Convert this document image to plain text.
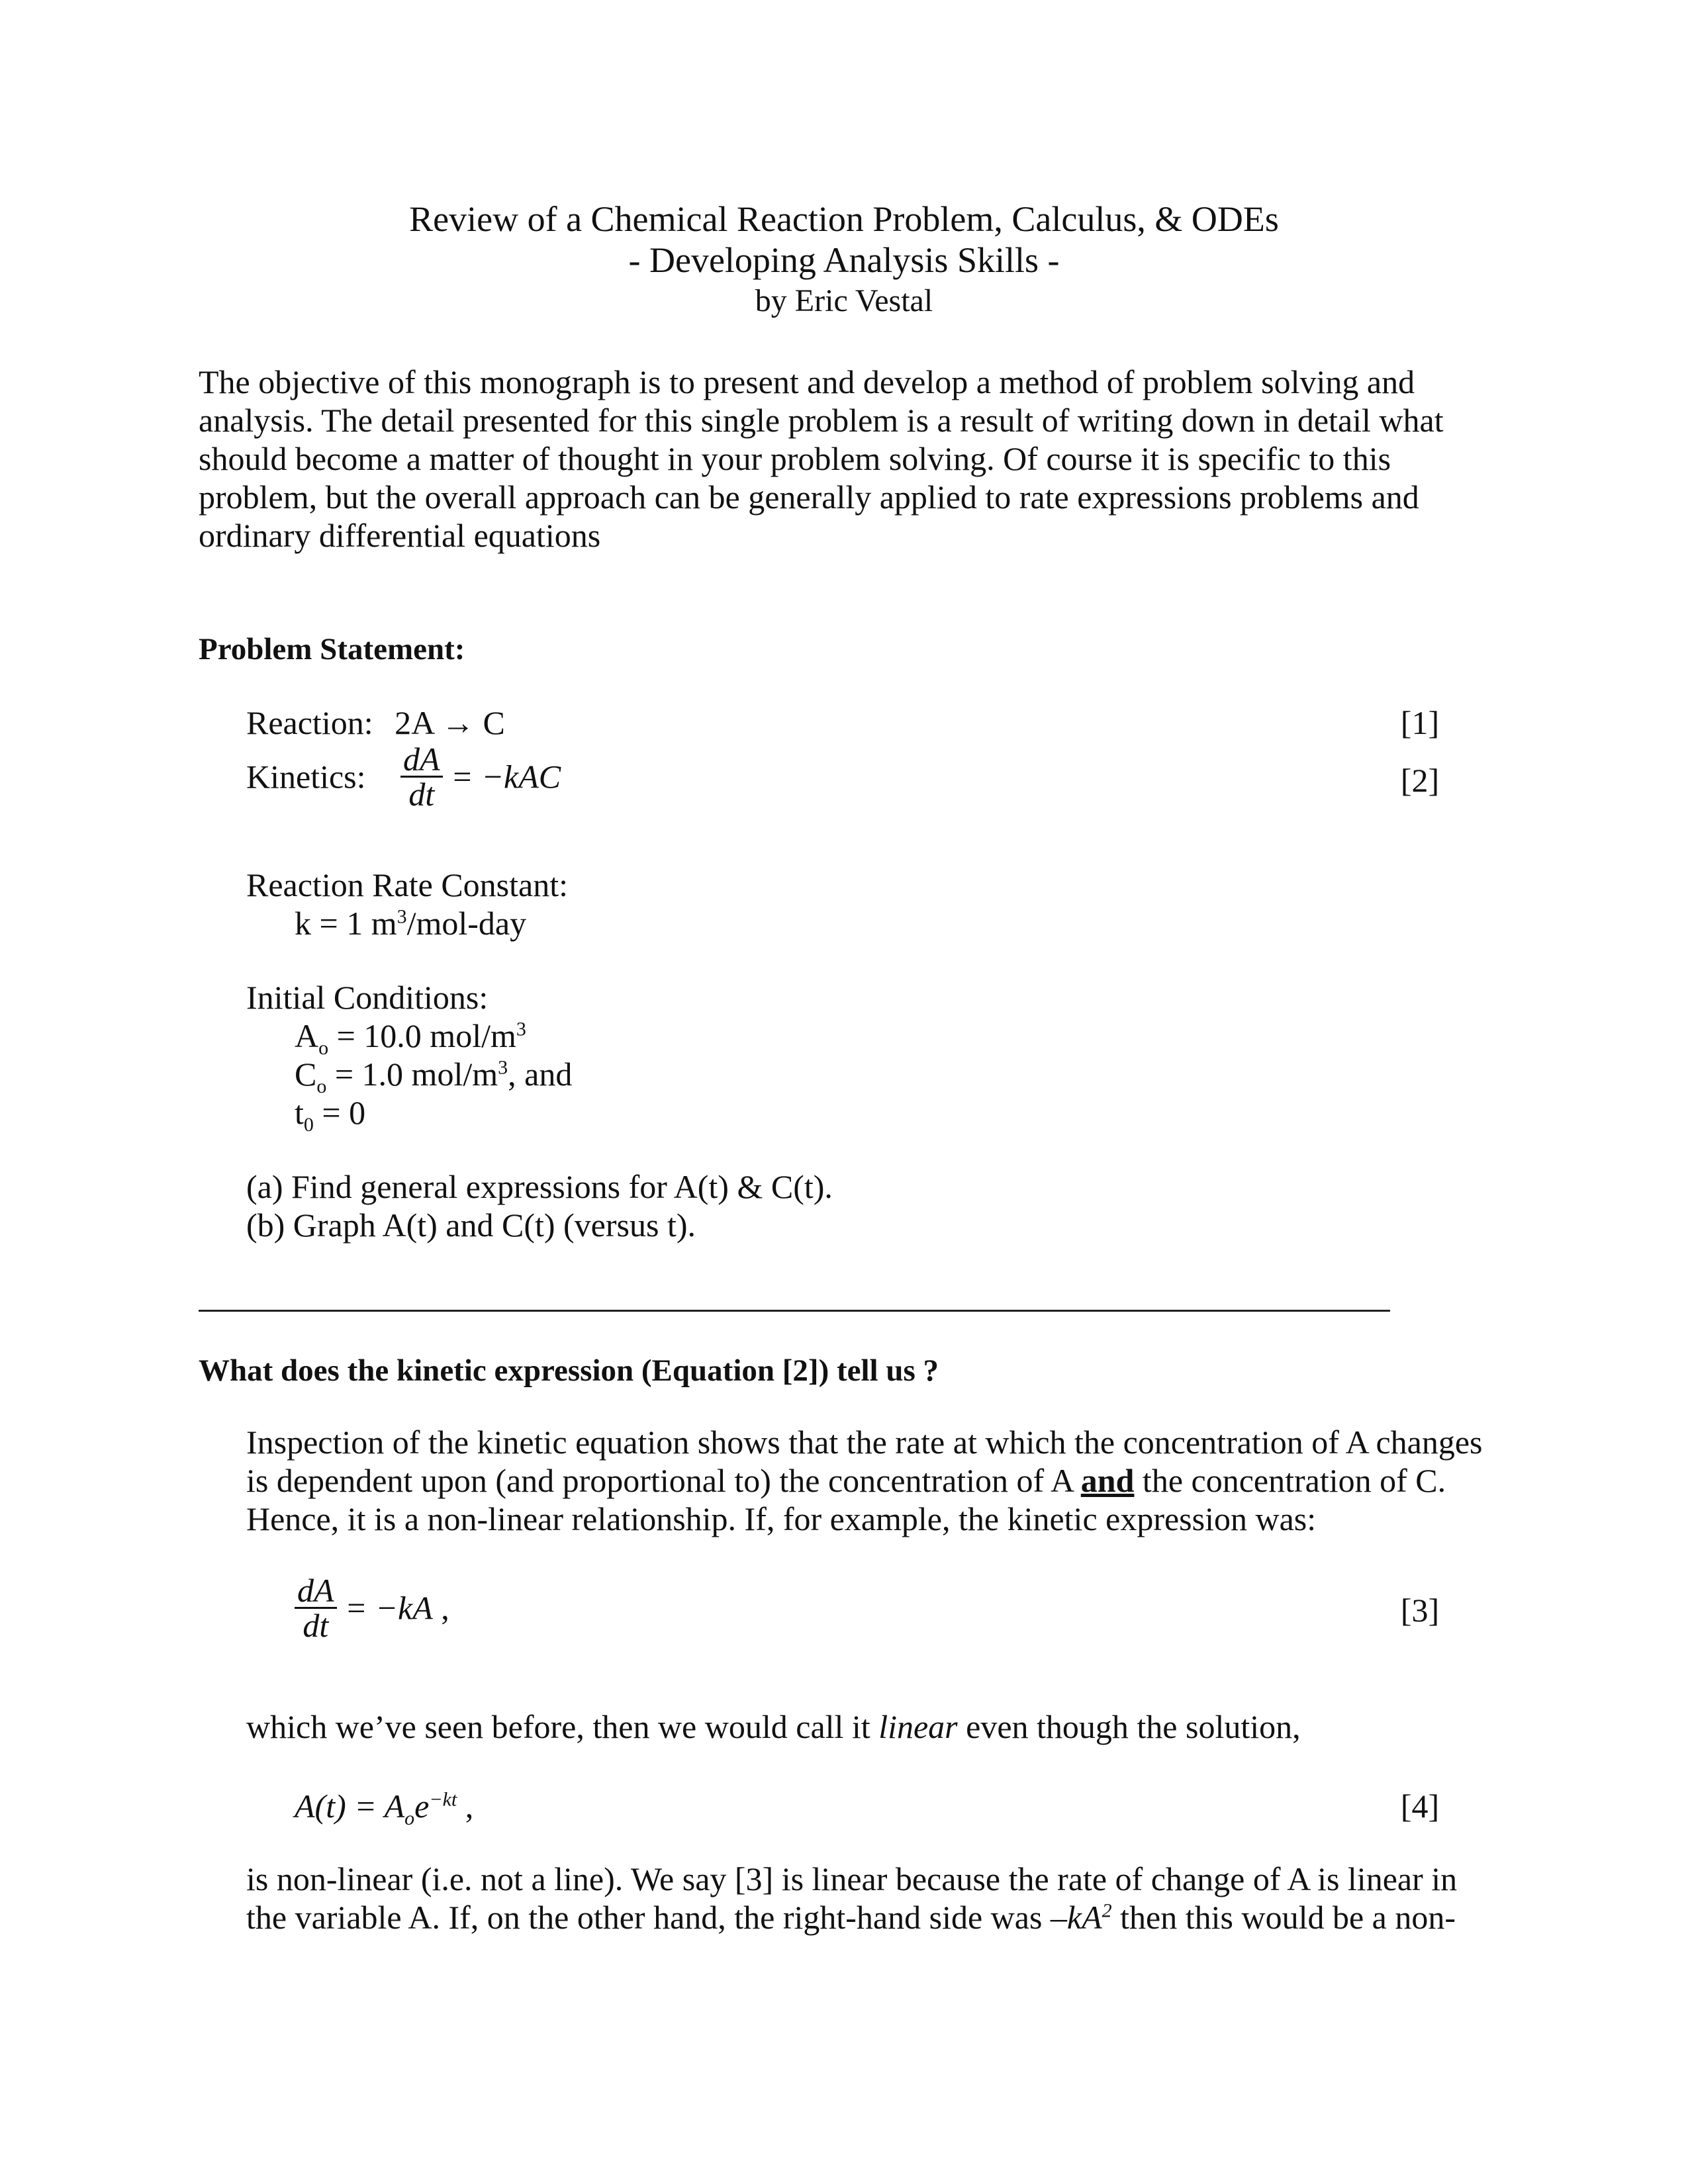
Review of a Chemical Reaction Problem, Calculus, & ODEs
- Developing Analysis Skills -
by Eric Vestal
The objective of this monograph is to present and develop a method of problem solving and analysis. The detail presented for this single problem is a result of writing down in detail what should become a matter of thought in your problem solving. Of course it is specific to this problem, but the overall approach can be generally applied to rate expressions problems and ordinary differential equations
Problem Statement:
Reaction: 2A → C	[1]
Kinetics: $\frac{dA}{dt} = -kAC$	[2]
Reaction Rate Constant:
k = 1 $m^3/mol$-day
Initial Conditions:
$A_o = 10.0$ mol/$m^3$
$C_o = 1.0$ mol/$m^3$, and
$t_0 = 0$
(a) Find general expressions for A(t) & C(t).
(b) Graph A(t) and C(t) (versus t).
What does the kinetic expression (Equation [2]) tell us ?
Inspection of the kinetic equation shows that the rate at which the concentration of A changes is dependent upon (and proportional to) the concentration of A and the concentration of C. Hence, it is a non-linear relationship. If, for example, the kinetic expression was:
$\frac{dA}{dt} = -kA$ ,	[3]
which we’ve seen before, then we would call it linear even though the solution,
$A(t) = A_oe^{-kt}$ ,	[4]
is non-linear (i.e. not a line). We say [3] is linear because the rate of change of A is linear in the variable A. If, on the other hand, the right-hand side was $-kA^2$ then this would be a non-
